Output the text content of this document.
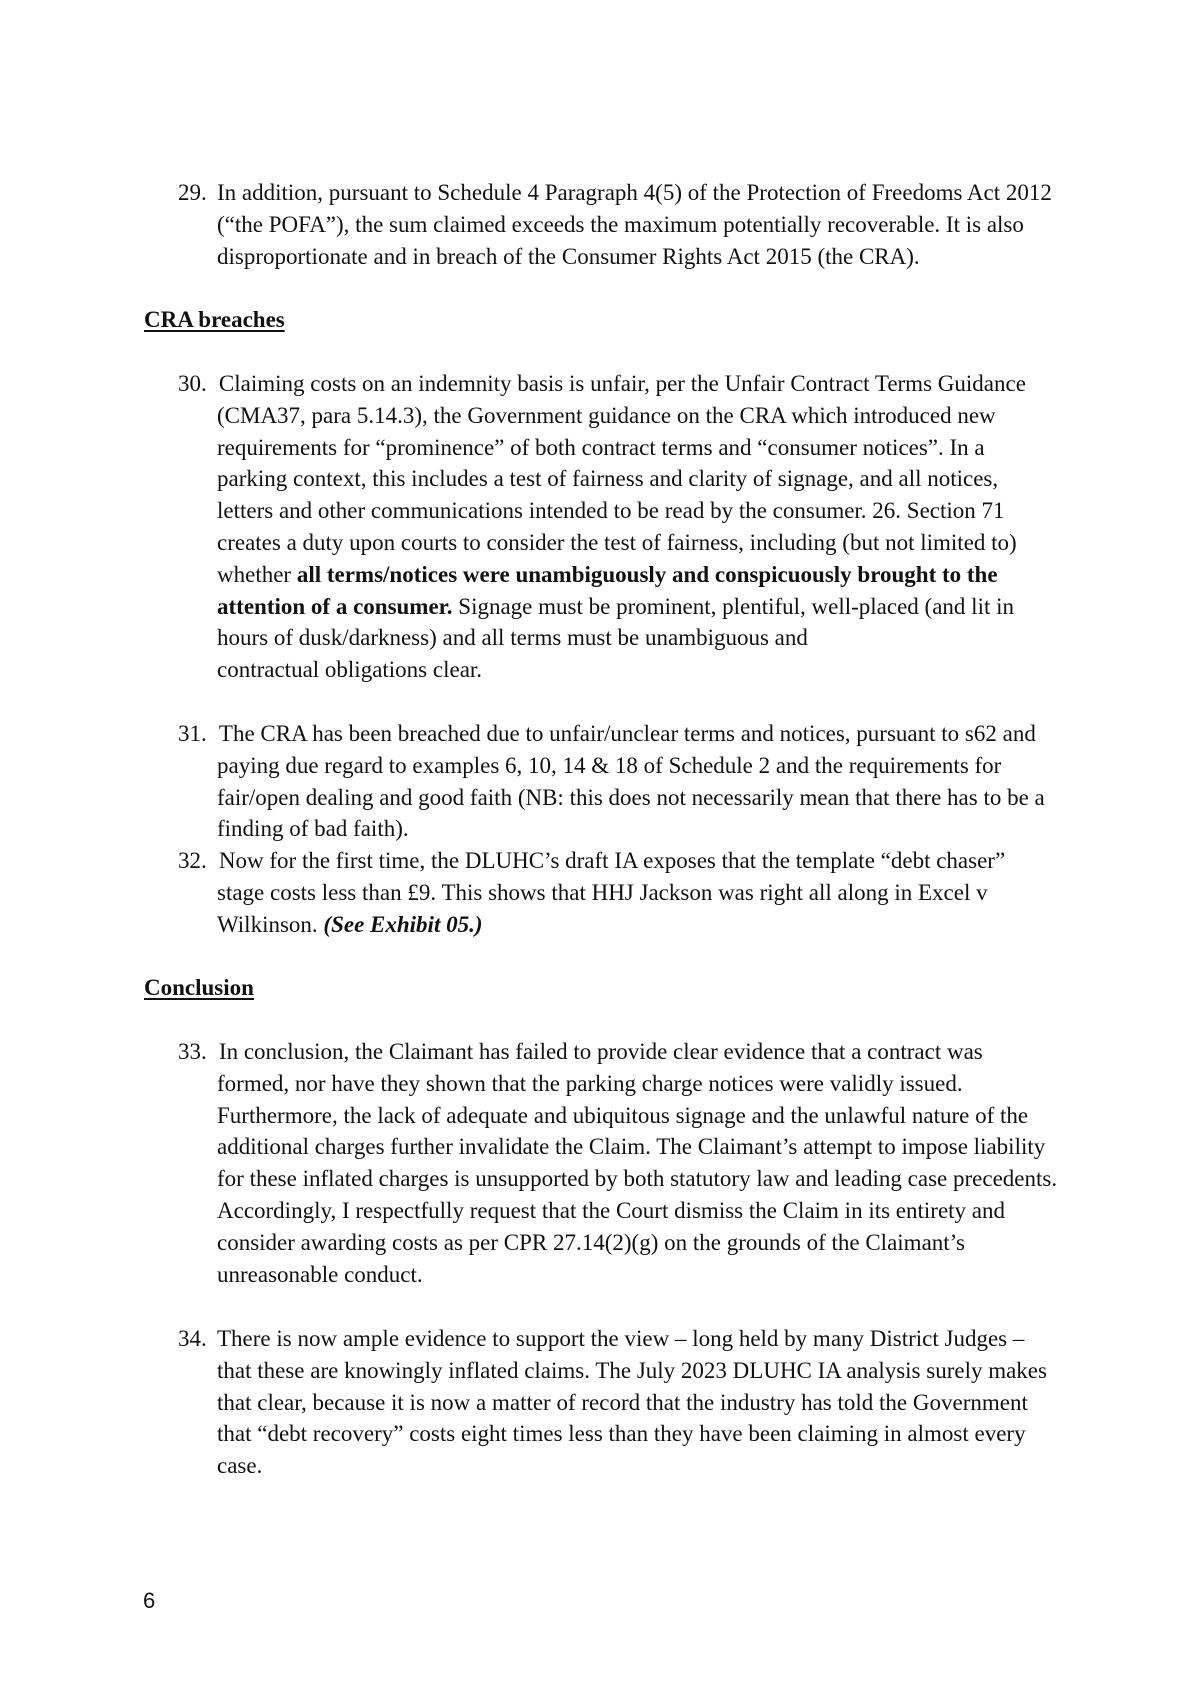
29. In addition, pursuant to Schedule 4 Paragraph 4(5) of the Protection of Freedoms Act 2012 (“the POFA”), the sum claimed exceeds the maximum potentially recoverable. It is also disproportionate and in breach of the Consumer Rights Act 2015 (the CRA).

CRA breaches
30.

  Claiming costs on an indemnity basis is unfair, per the Unfair Contract Terms Guidance (CMA37, para 5.14.3), the Government guidance on the CRA which introduced new requirements for “prominence” of both contract terms and “consumer notices”. In a parking context, this includes a test of fairness and clarity of signage, and all notices, letters and other communications intended to be read by the consumer. 26. Section 71 creates a duty upon courts to consider the test of fairness, including (but not limited to) whether all terms/notices were unambiguously and conspicuously brought to the attention of a consumer. Signage must be prominent, plentiful, well-placed (and lit in hours of dusk/darkness) and all terms must be unambiguous and

contractual obligations clear.

31.

  The CRA has been breached due to unfair/unclear terms and notices, pursuant to s62 and paying due regard to examples 6, 10, 14 & 18 of Schedule 2 and the requirements for fair/open dealing and good faith (NB: this does not necessarily mean that there has to be a finding of bad faith).

32.

  Now for the first time, the DLUHC’s draft IA exposes that the template “debt chaser” stage costs less than £9. This shows that HHJ Jackson was right all along in Excel v Wilkinson. (See Exhibit 05.)

Conclusion
33.

  In conclusion, the Claimant has failed to provide clear evidence that a contract was formed, nor have they shown that the parking charge notices were validly issued. Furthermore, the lack of adequate and ubiquitous signage and the unlawful nature of the additional charges further invalidate the Claim. The Claimant’s attempt to impose liability for these inflated charges is unsupported by both statutory law and leading case precedents. Accordingly, I respectfully request that the Court dismiss the Claim in its entirety and consider awarding costs as per CPR 27.14(2)(g) on the grounds of the Claimant’s unreasonable conduct.

34. There is now ample evidence to support the view – long held by many District Judges – that these are knowingly inflated claims. The July 2023 DLUHC IA analysis surely makes that clear, because it is now a matter of record that the industry has told the Government that “debt recovery” costs eight times less than they have been claiming in almost every case.

6
